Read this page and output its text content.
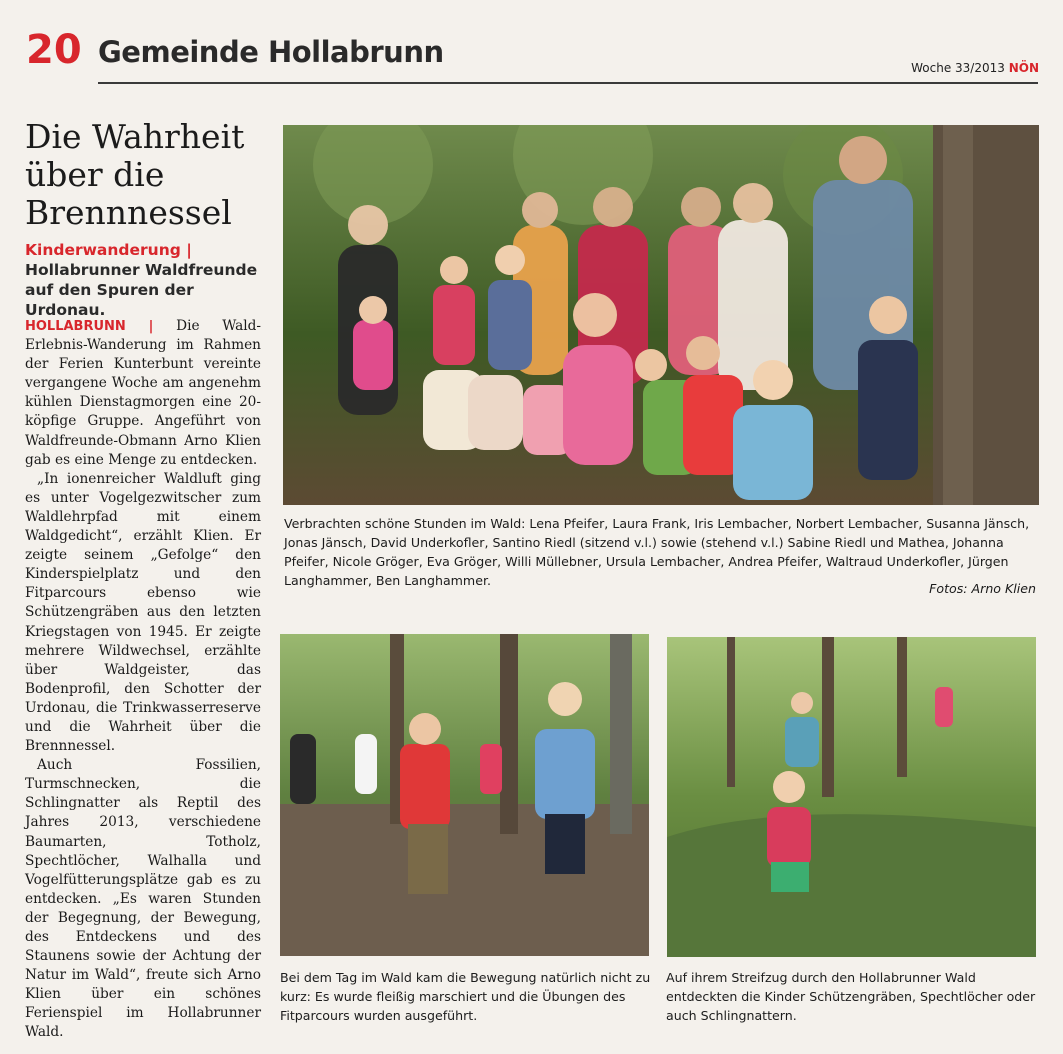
20 Gemeinde Hollabrunn	Woche 33/2013 NÖN
Die Wahrheit
über die
Brennnessel
Kinderwanderung | Hollabrunner Waldfreunde auf den Spuren der Urdonau.

HOLLABRUNN | Die Wald-Erlebnis-Wanderung im Rahmen der Ferien Kunterbunt vereinte vergangene Woche am angenehm kühlen Dienstagmorgen eine 20-köpfige Gruppe. Angeführt von Waldfreunde-Obmann Arno Klien gab es eine Menge zu entdecken.

„In ionenreicher Waldluft ging es unter Vogelgezwitscher zum Waldlehrpfad mit einem Waldgedicht“, erzählt Klien. Er zeigte seinem „Gefolge“ den Kinderspielplatz und den Fitparcours ebenso wie Schützengräben aus den letzten Kriegstagen von 1945. Er zeigte mehrere Wildwechsel, erzählte über Waldgeister, das Bodenprofil, den Schotter der Urdonau, die Trinkwasserreserve und die Wahrheit über die Brennnessel.

Auch Fossilien, Turmschnecken, die Schlingnatter als Reptil des Jahres 2013, verschiedene Baumarten, Totholz, Spechtlöcher, Walhalla und Vogelfütterungsplätze gab es zu entdecken. „Es waren Stunden der Begegnung, der Bewegung, des Entdeckens und des Staunens sowie der Achtung der Natur im Wald“, freute sich Arno Klien über ein schönes Ferienspiel im Hollabrunner Wald.

Verbrachten schöne Stunden im Wald: Lena Pfeifer, Laura Frank, Iris Lembacher, Norbert Lembacher, Susanna Jänsch, Jonas Jänsch, David Underkofler, Santino Riedl (sitzend v.l.) sowie (stehend v.l.) Sabine Riedl und Mathea, Johanna Pfeifer, Nicole Gröger, Eva Gröger, Willi Müllebner, Ursula Lembacher, Andrea Pfeifer, Waltraud Underkofler, Jürgen Langhammer, Ben Langhammer.
Fotos: Arno Klien
Bei dem Tag im Wald kam die Bewegung natürlich nicht zu kurz: Es wurde fleißig marschiert und die Übungen des Fitparcours wurden ausgeführt.
Auf ihrem Streifzug durch den Hollabrunner Wald entdeckten die Kinder Schützengräben, Spechtlöcher oder auch Schlingnattern.
